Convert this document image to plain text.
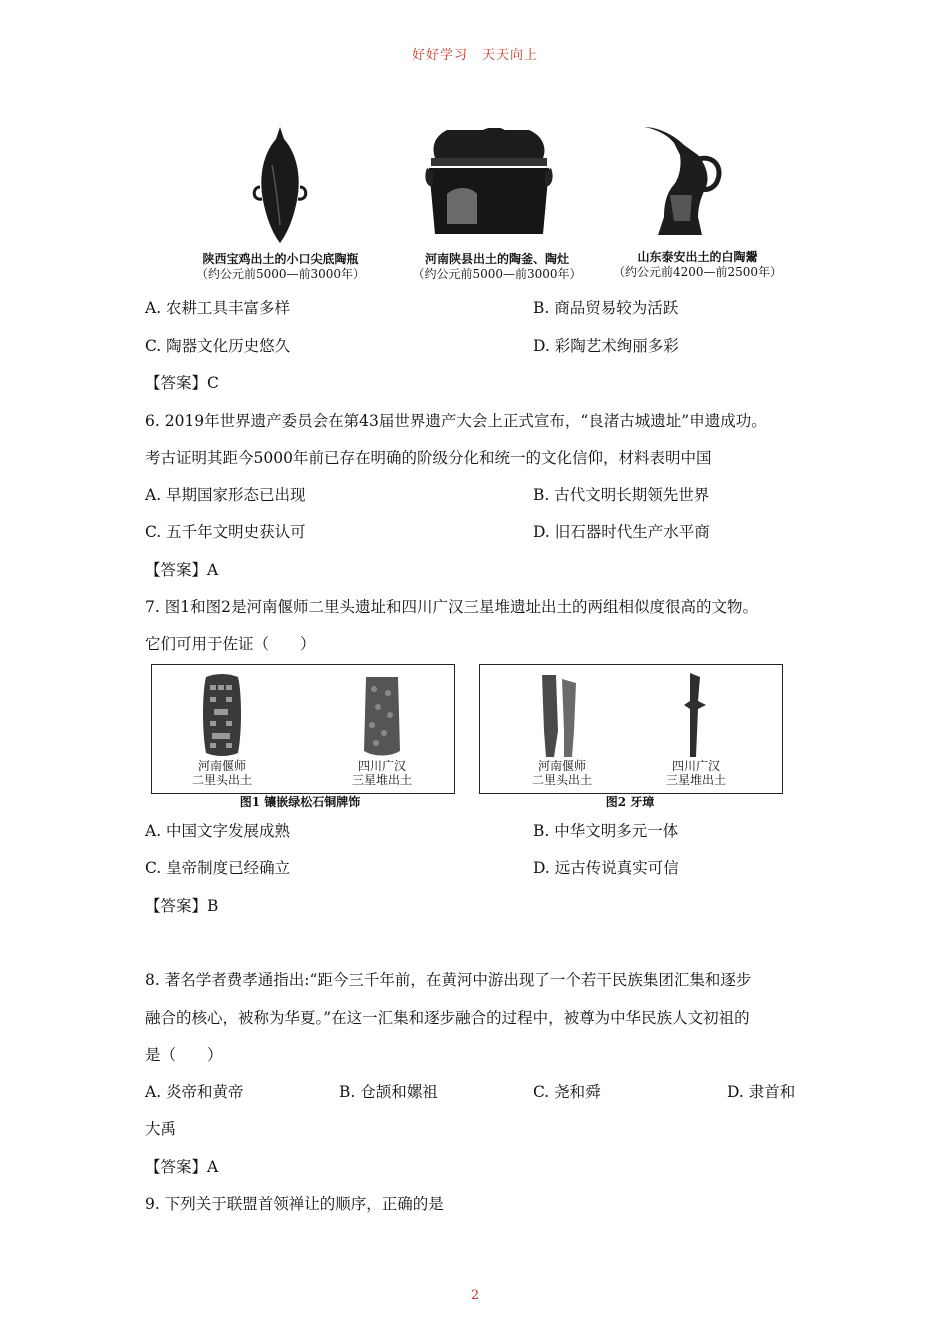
好好学习　天天向上
陕西宝鸡出土的小口尖底陶瓶
（约公元前5000—前3000年）
河南陕县出土的陶釜、陶灶
（约公元前5000—前3000年）
山东泰安出土的白陶鬶
（约公元前4200—前2500年）
A. 农耕工具丰富多样	B. 商品贸易较为活跃
C. 陶器文化历史悠久	D. 彩陶艺术绚丽多彩
【答案】C
6. 2019年世界遗产委员会在第43届世界遗产大会上正式宣布，“良渚古城遗址”申遗成功。
考古证明其距今5000年前已存在明确的阶级分化和统一的文化信仰，材料表明中国
A. 早期国家形态已出现	B. 古代文明长期领先世界
C. 五千年文明史获认可	D. 旧石器时代生产水平商
【答案】A
7. 图1和图2是河南偃师二里头遗址和四川广汉三星堆遗址出土的两组相似度很高的文物。
它们可用于佐证（　　）
河南偃师
二里头出土
四川广汉
三星堆出土
图1 镶嵌绿松石铜牌饰
河南偃师
二里头出土
四川广汉
三星堆出土
图2 牙璋
A. 中国文字发展成熟	B. 中华文明多元一体
C. 皇帝制度已经确立	D. 远古传说真实可信
【答案】B
8. 著名学者费孝通指出:“距今三千年前，在黄河中游出现了一个若干民族集团汇集和逐步
融合的核心，被称为华夏。”在这一汇集和逐步融合的过程中，被尊为中华民族人文初祖的
是（　　）
A. 炎帝和黄帝	B. 仓颉和嫘祖	C. 尧和舜	D. 隶首和
大禹
【答案】A
9. 下列关于联盟首领禅让的顺序，正确的是
2
